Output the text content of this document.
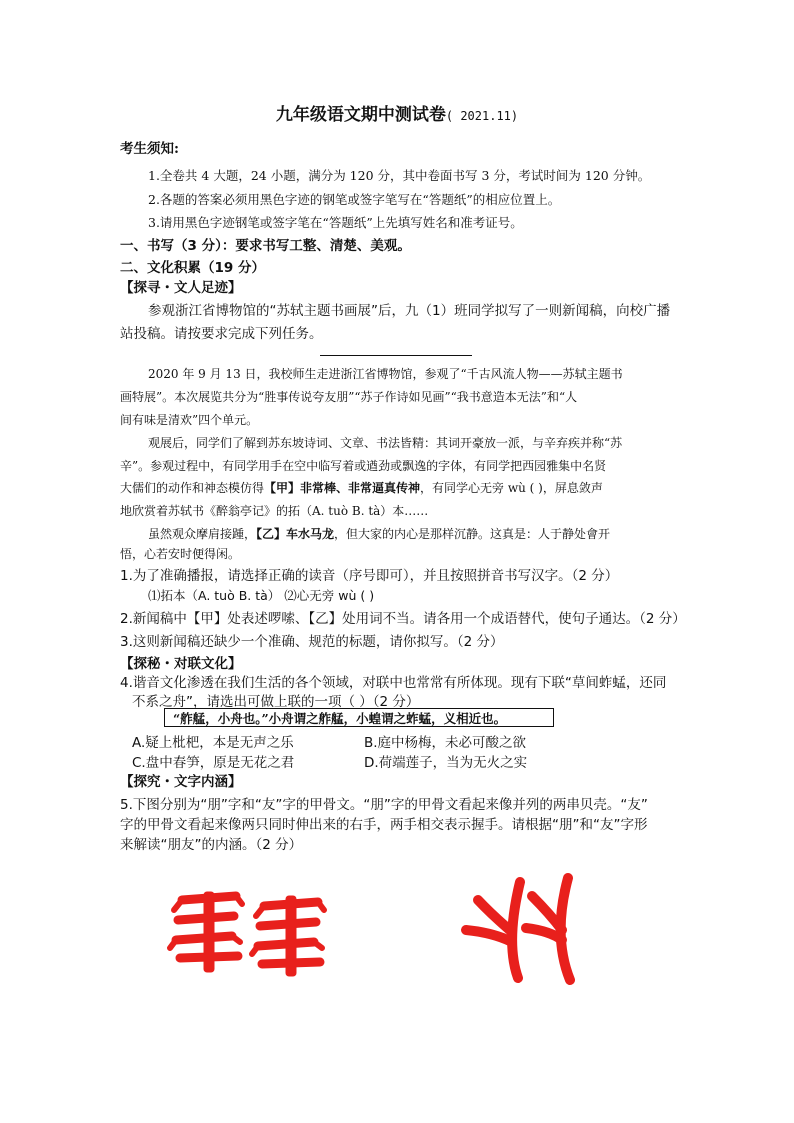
九年级语文期中测试卷( 2021.11)
考生须知:
1.全卷共 4 大题，24 小题，满分为 120 分，其中卷面书写 3 分，考试时间为 120 分钟。
2.各题的答案必须用黑色字迹的钢笔或签字笔写在“答题纸”的相应位置上。
3.请用黑色字迹钢笔或签字笔在“答题纸”上先填写姓名和准考证号。
一、书写（3 分）：要求书写工整、清楚、美观。
二、文化积累（19 分）
【探寻・文人足迹】
参观浙江省博物馆的“苏轼主题书画展”后，九（1）班同学拟写了一则新闻稿，向校广播
站投稿。请按要求完成下列任务。
2020 年 9 月 13 日，我校师生走进浙江省博物馆，参观了“千古风流人物——苏轼主题书
画特展”。本次展览共分为“胜事传说夸友朋”“苏子作诗如见画”“我书意造本无法”和“人
间有味是清欢”四个单元。
观展后，同学们了解到苏东坡诗词、文章、书法皆精：其词开豪放一派，与辛弃疾并称“苏
辛”。参观过程中，有同学用手在空中临写着或遒劲或飘逸的字体，有同学把西园雅集中名贤
大儒们的动作和神态模仿得【甲】非常棒、非常逼真传神，有同学心无旁 wù ( )，屏息敛声
地欣赏着苏轼书《醉翁亭记》的拓（A. tuò B. tà）本……
虽然观众摩肩接踵，【乙】车水马龙，但大家的内心是那样沉静。这真是：人于静处會开
悟，心若安时便得闲。
1.为了准确播报，请选择正确的读音（序号即可），并且按照拼音书写汉字。（2 分）
⑴拓本（A. tuò B. tà） ⑵心无旁 wù ( )
2.新闻稿中【甲】处表述啰嗦、【乙】处用词不当。请各用一个成语替代，使句子通达。（2 分）
3.这则新闻稿还缺少一个准确、规范的标题，请你拟写。（2 分）
【探秘・对联文化】
4.谐音文化渗透在我们生活的各个领域，对联中也常常有所体现。现有下联“草间蚱蜢，还同
不系之舟”，请选出可做上联的一项（ ）（2 分）
“舴艋，小舟也。”小舟谓之舴艋，小蝗谓之蚱蜢，义相近也。
A.疑上枇杷，本是无声之乐	B.庭中杨梅，未必可酸之欲
C.盘中春笋，原是无花之君	D.荷端莲子，当为无火之实
【探究・文字内涵】
5.下图分别为“朋”字和“友”字的甲骨文。“朋”字的甲骨文看起来像并列的两串贝壳。“友”
字的甲骨文看起来像两只同时伸出来的右手，两手相交表示握手。请根据“朋”和“友”字形
来解读“朋友”的内涵。（2 分）
